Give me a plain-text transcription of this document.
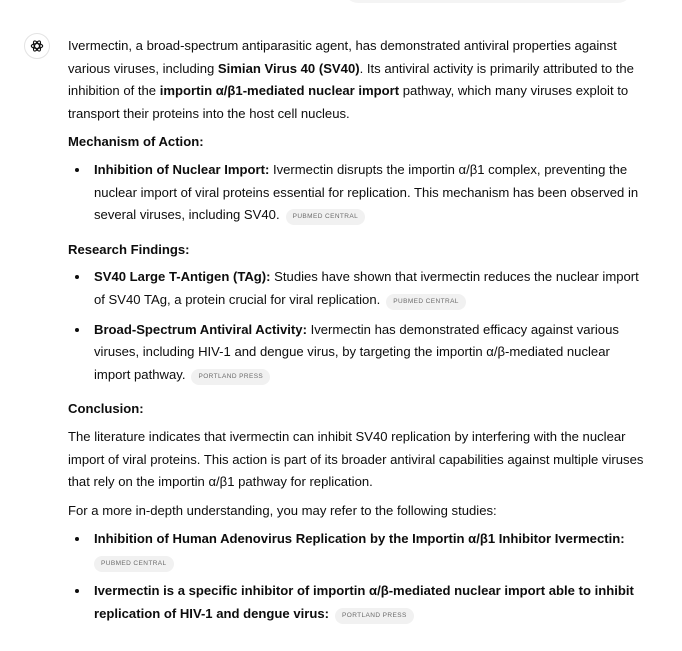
Ivermectin, a broad-spectrum antiparasitic agent, has demonstrated antiviral properties against various viruses, including Simian Virus 40 (SV40). Its antiviral activity is primarily attributed to the inhibition of the importin α/β1-mediated nuclear import pathway, which many viruses exploit to transport their proteins into the host cell nucleus.

Mechanism of Action:
Inhibition of Nuclear Import: Ivermectin disrupts the importin α/β1 complex, preventing the nuclear import of viral proteins essential for replication. This mechanism has been observed in several viruses, including SV40. PUBMED CENTRAL
Research Findings:
SV40 Large T-Antigen (TAg): Studies have shown that ivermectin reduces the nuclear import of SV40 TAg, a protein crucial for viral replication. PUBMED CENTRAL
Broad-Spectrum Antiviral Activity: Ivermectin has demonstrated efficacy against various viruses, including HIV-1 and dengue virus, by targeting the importin α/β-mediated nuclear import pathway. PORTLAND PRESS
Conclusion:

The literature indicates that ivermectin can inhibit SV40 replication by interfering with the nuclear import of viral proteins. This action is part of its broader antiviral capabilities against multiple viruses that rely on the importin α/β1 pathway for replication.

For a more in-depth understanding, you may refer to the following studies:

Inhibition of Human Adenovirus Replication by the Importin α/β1 Inhibitor Ivermectin:
PUBMED CENTRAL
Ivermectin is a specific inhibitor of importin α/β-mediated nuclear import able to inhibit replication of HIV-1 and dengue virus: PORTLAND PRESS
